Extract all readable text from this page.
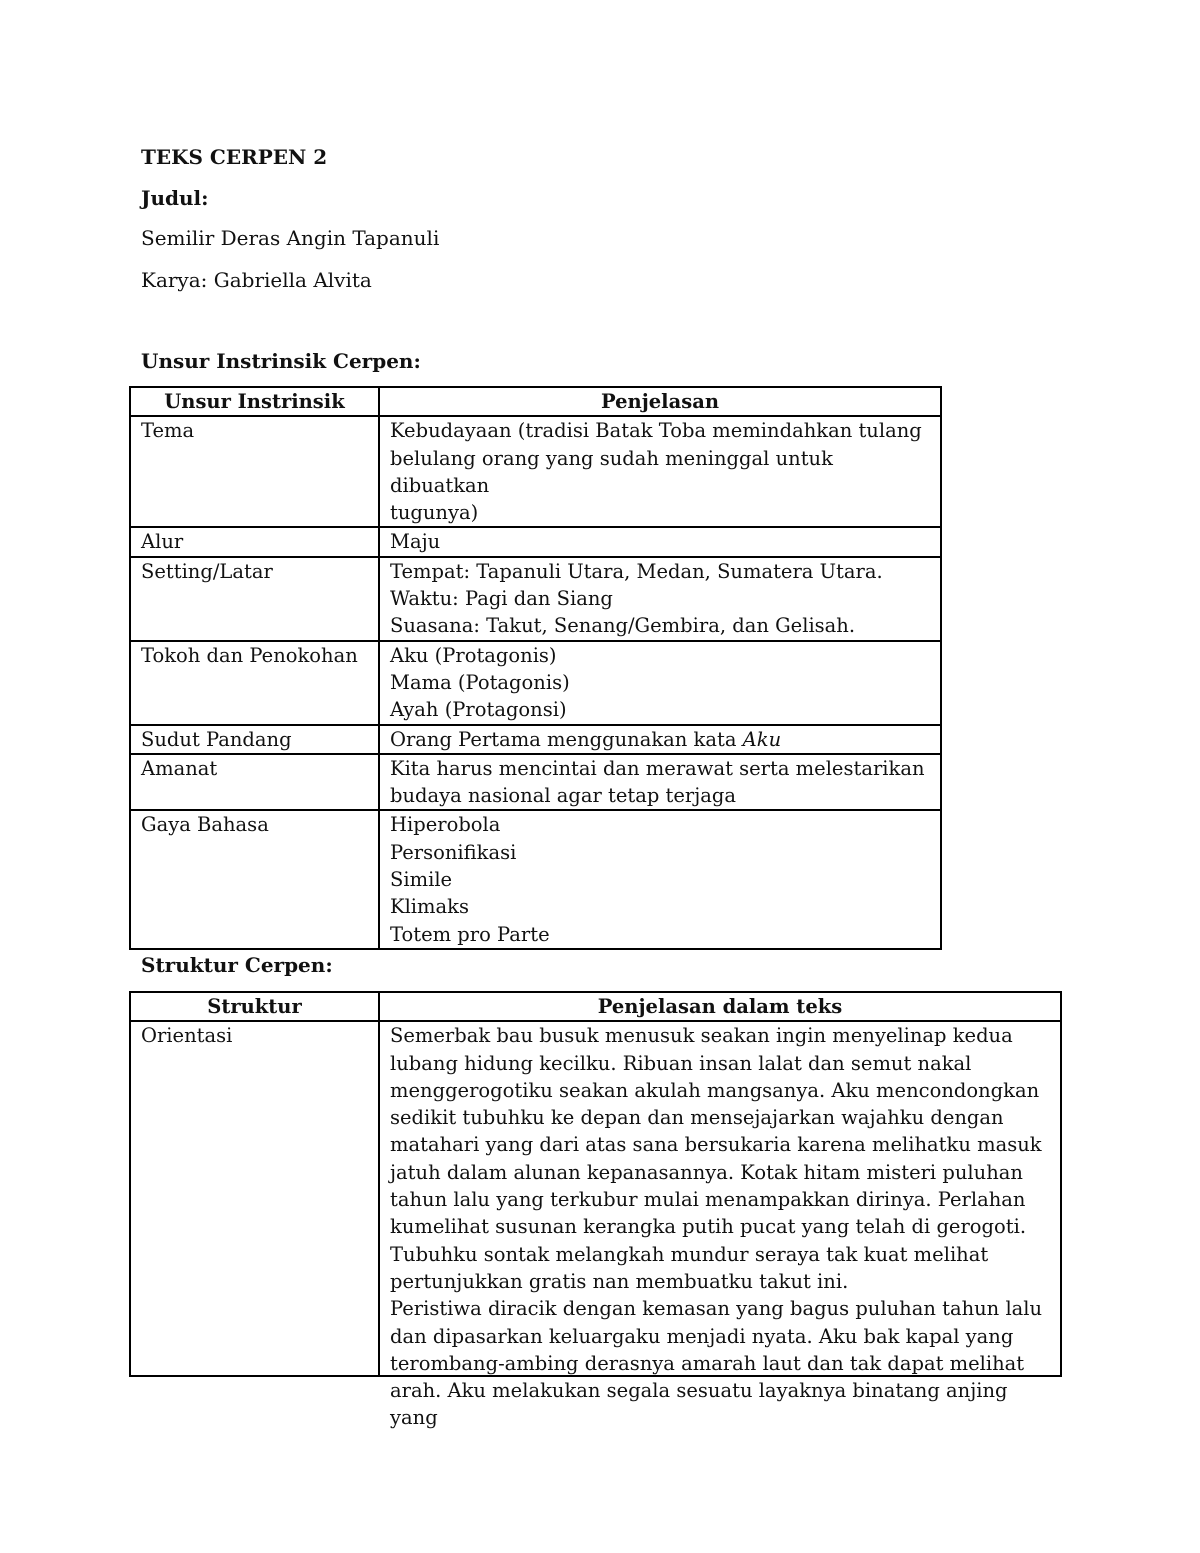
TEKS CERPEN 2
Judul:
Semilir Deras Angin Tapanuli
Karya: Gabriella Alvita
Unsur Instrinsik Cerpen:
Unsur Instrinsik	Penjelasan
Tema	Kebudayaan (tradisi Batak Toba memindahkan tulang
belulang orang yang sudah meninggal untuk dibuatkan
tugunya)

Alur	Maju

Setting/Latar	Tempat: Tapanuli Utara, Medan, Sumatera Utara.
Waktu: Pagi dan Siang
Suasana: Takut, Senang/Gembira, dan Gelisah.

Tokoh dan Penokohan	Aku (Protagonis)
Mama (Potagonis)
Ayah (Protagonsi)

Sudut Pandang	Orang Pertama menggunakan kata Aku
Amanat	Kita harus mencintai dan merawat serta melestarikan
budaya nasional agar tetap terjaga

Gaya Bahasa	Hiperobola
Personifikasi
Simile
Klimaks
Totem pro Parte
Struktur Cerpen:
Struktur	Penjelasan dalam teks
Orientasi	Semerbak bau busuk menusuk seakan ingin menyelinap kedua lubang hidung kecilku. Ribuan insan lalat dan semut nakal menggerogotiku seakan akulah mangsanya. Aku mencondongkan sedikit tubuhku ke depan dan mensejajarkan wajahku dengan matahari yang dari atas sana bersukaria karena melihatku masuk jatuh dalam alunan kepanasannya. Kotak hitam misteri puluhan tahun lalu yang terkubur mulai menampakkan dirinya. Perlahan kumelihat susunan kerangka putih pucat yang telah di gerogoti. Tubuhku sontak melangkah mundur seraya tak kuat melihat pertunjukkan gratis nan membuatku takut ini.

Peristiwa diracik dengan kemasan yang bagus puluhan tahun lalu dan dipasarkan keluargaku menjadi nyata. Aku bak kapal yang terombang-ambing derasnya amarah laut dan tak dapat melihat arah. Aku melakukan segala sesuatu layaknya binatang anjing yang
